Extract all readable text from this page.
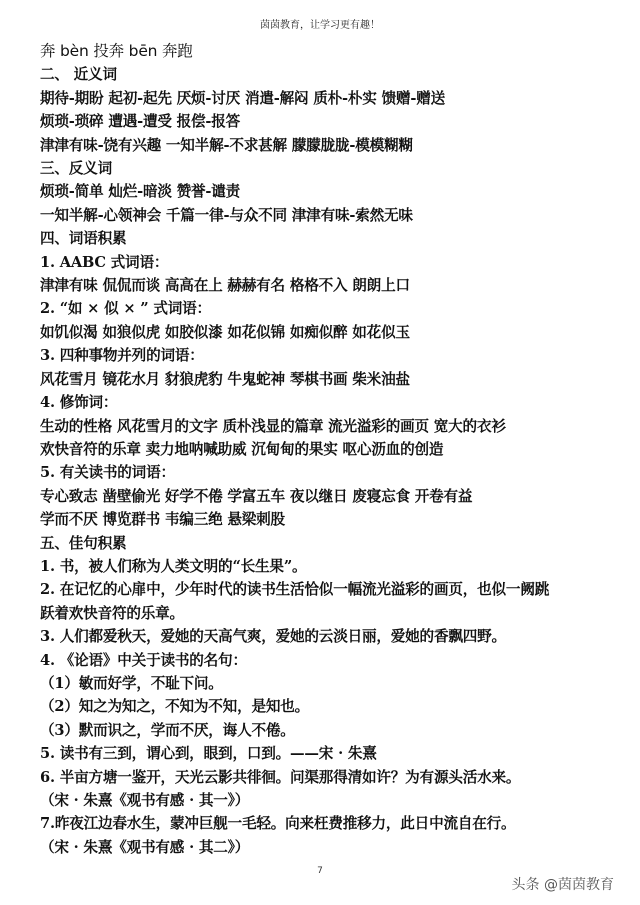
茵茵教育，让学习更有趣！
奔 bèn 投奔 bēn 奔跑
二、 近义词
期待-期盼 起初-起先 厌烦-讨厌 消遣-解闷 质朴-朴实 馈赠-赠送
烦琐-琐碎 遭遇-遭受 报偿-报答
津津有味-饶有兴趣 一知半解-不求甚解 朦朦胧胧-模模糊糊
三、反义词
烦琐-简单 灿烂-暗淡 赞誉-谴责
一知半解-心领神会 千篇一律-与众不同 津津有味-索然无味
四、词语积累
1. AABC 式词语：
津津有味 侃侃而谈 高高在上 赫赫有名 格格不入 朗朗上口
2. “如 × 似 × ” 式词语：
如饥似渴 如狼似虎 如胶似漆 如花似锦 如痴似醉 如花似玉
3. 四种事物并列的词语：
风花雪月 镜花水月 豺狼虎豹 牛鬼蛇神 琴棋书画 柴米油盐
4. 修饰词：
生动的性格 风花雪月的文字 质朴浅显的篇章 流光溢彩的画页 宽大的衣衫
欢快音符的乐章 卖力地呐喊助威 沉甸甸的果实 呕心沥血的创造
5. 有关读书的词语：
专心致志 凿壁偷光 好学不倦 学富五车 夜以继日 废寝忘食 开卷有益
学而不厌 博览群书 韦编三绝 悬梁刺股
五、佳句积累
1. 书，被人们称为人类文明的“长生果”。
2. 在记忆的心扉中，少年时代的读书生活恰似一幅流光溢彩的画页，也似一阙跳
跃着欢快音符的乐章。
3. 人们都爱秋天，爱她的天高气爽，爱她的云淡日丽，爱她的香飘四野。
4. 《论语》中关于读书的名句：
（1）敏而好学，不耻下问。
（2）知之为知之，不知为不知，是知也。
（3）默而识之，学而不厌，诲人不倦。
5. 读书有三到，谓心到，眼到，口到。——宋 · 朱熹
6. 半亩方塘一鉴开，天光云影共徘徊。问渠那得清如许？为有源头活水来。
（宋 · 朱熹《观书有感 · 其一》）
7.昨夜江边春水生，蒙冲巨舰一毛轻。向来枉费推移力，此日中流自在行。
（宋 · 朱熹《观书有感 · 其二》）
7
头条 @茵茵教育
